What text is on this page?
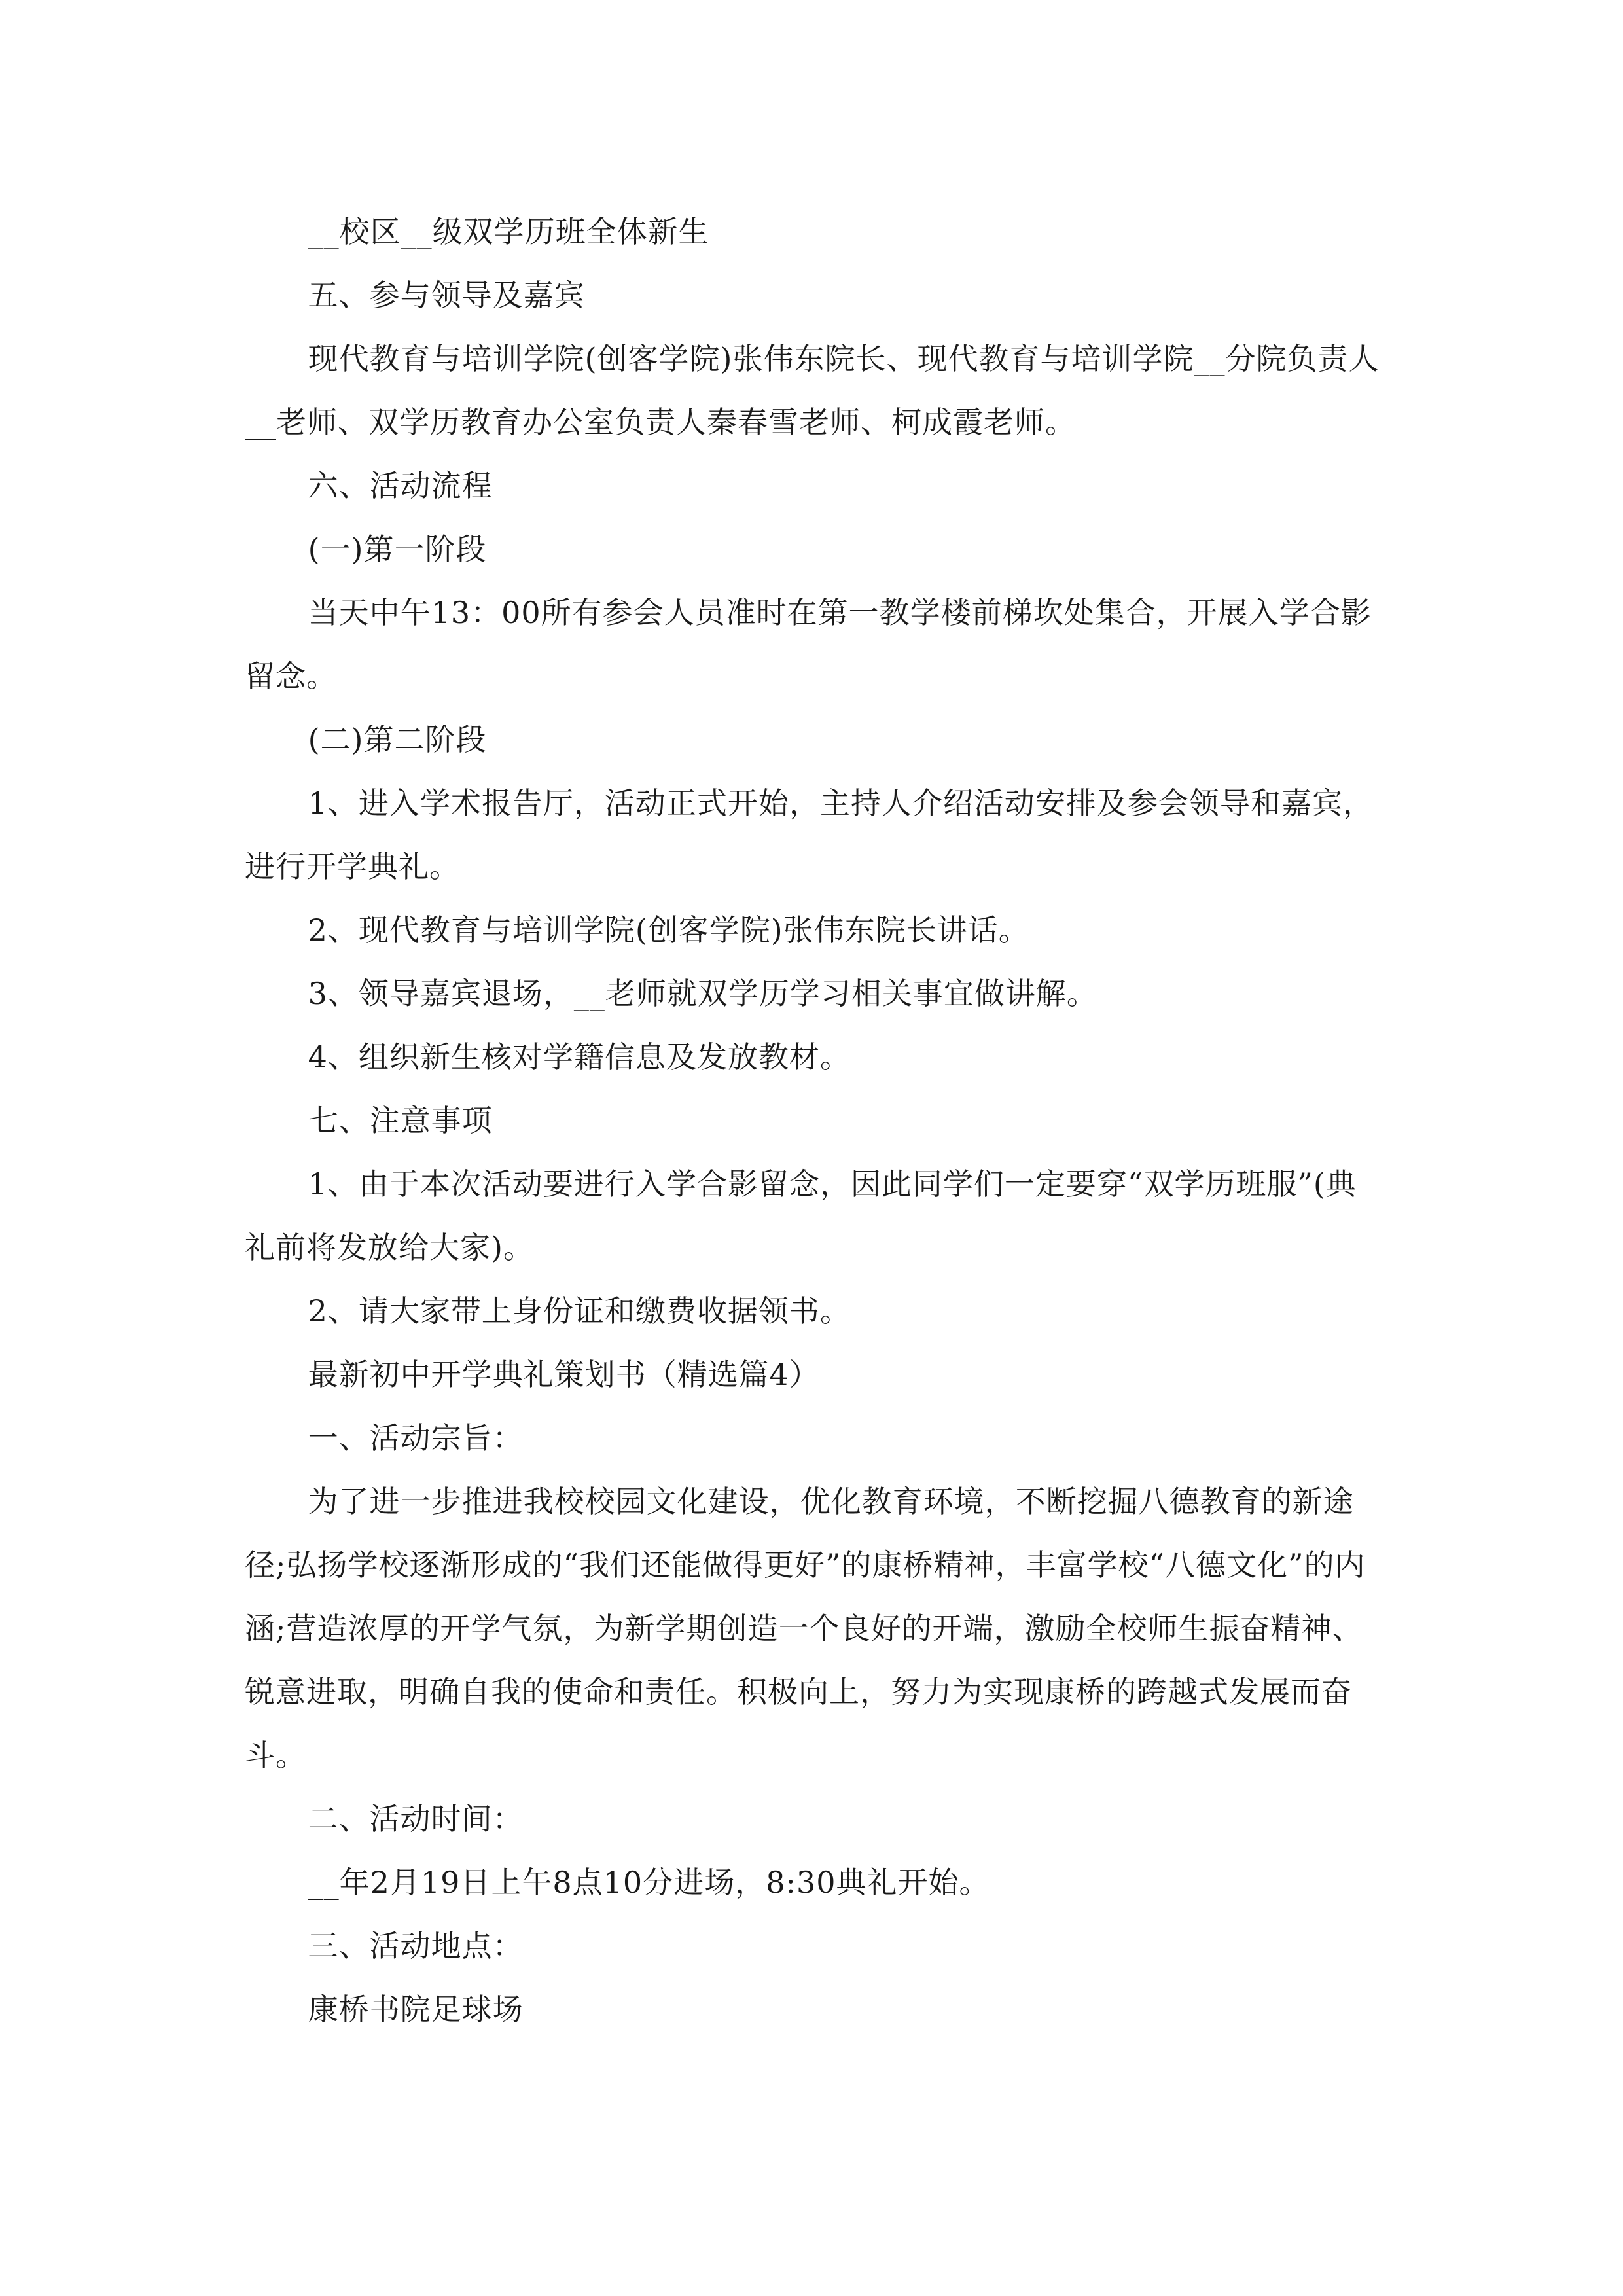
__校区__级双学历班全体新生

五、参与领导及嘉宾

现代教育与培训学院(创客学院)张伟东院长、现代教育与培训学院__分院负责人__老师、双学历教育办公室负责人秦春雪老师、柯成霞老师。

六、活动流程

(一)第一阶段

当天中午13：00所有参会人员准时在第一教学楼前梯坎处集合，开展入学合影留念。

(二)第二阶段

1、进入学术报告厅，活动正式开始，主持人介绍活动安排及参会领导和嘉宾，进行开学典礼。

2、现代教育与培训学院(创客学院)张伟东院长讲话。

3、领导嘉宾退场，__老师就双学历学习相关事宜做讲解。

4、组织新生核对学籍信息及发放教材。

七、注意事项

1、由于本次活动要进行入学合影留念，因此同学们一定要穿“双学历班服”(典礼前将发放给大家)。

2、请大家带上身份证和缴费收据领书。

最新初中开学典礼策划书（精选篇4）

一、活动宗旨：

为了进一步推进我校校园文化建设，优化教育环境，不断挖掘八德教育的新途径;弘扬学校逐渐形成的“我们还能做得更好”的康桥精神，丰富学校“八德文化”的内涵;营造浓厚的开学气氛，为新学期创造一个良好的开端，激励全校师生振奋精神、锐意进取，明确自我的使命和责任。积极向上，努力为实现康桥的跨越式发展而奋斗。

二、活动时间：

__年2月19日上午8点10分进场，8:30典礼开始。

三、活动地点：

康桥书院足球场
